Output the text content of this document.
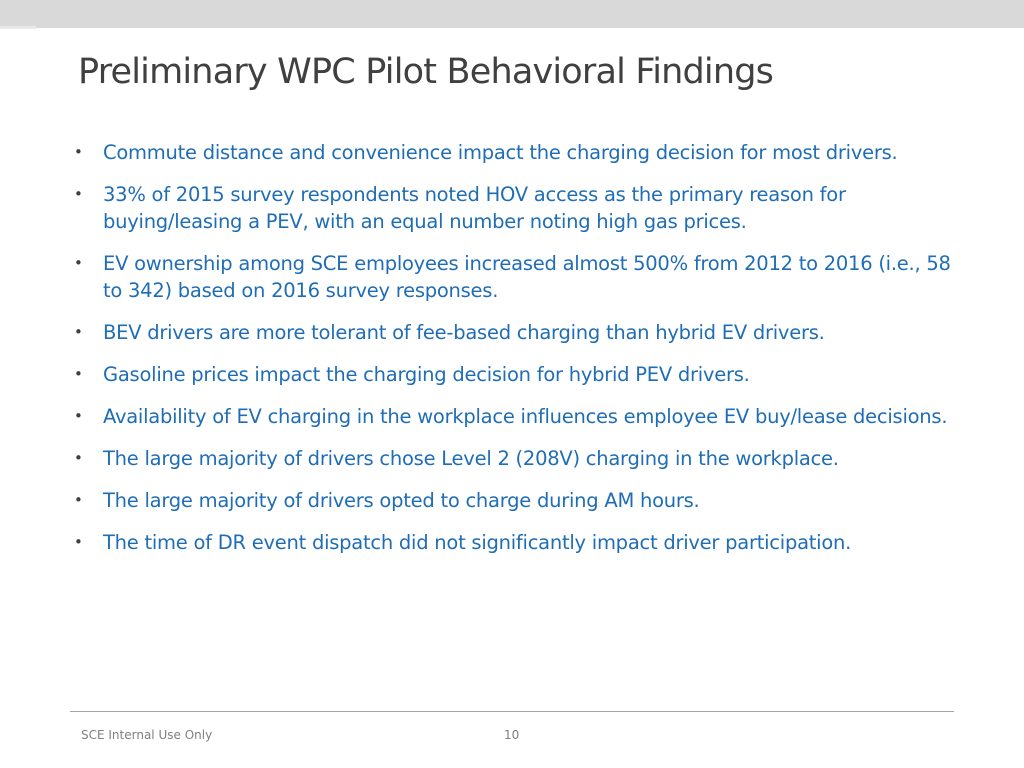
Preliminary WPC Pilot Behavioral Findings
• Commute distance and convenience impact the charging decision for most drivers.
• 33% of 2015 survey respondents noted HOV access as the primary reason for buying/leasing a PEV, with an equal number noting high gas prices.
• EV ownership among SCE employees increased almost 500% from 2012 to 2016 (i.e., 58 to 342) based on 2016 survey responses.
• BEV drivers are more tolerant of fee-based charging than hybrid EV drivers.
• Gasoline prices impact the charging decision for hybrid PEV drivers.
• Availability of EV charging in the workplace influences employee EV buy/lease decisions.
• The large majority of drivers chose Level 2 (208V) charging in the workplace.
• The large majority of drivers opted to charge during AM hours.
• The time of DR event dispatch did not significantly impact driver participation.
SCE Internal Use Only	10
